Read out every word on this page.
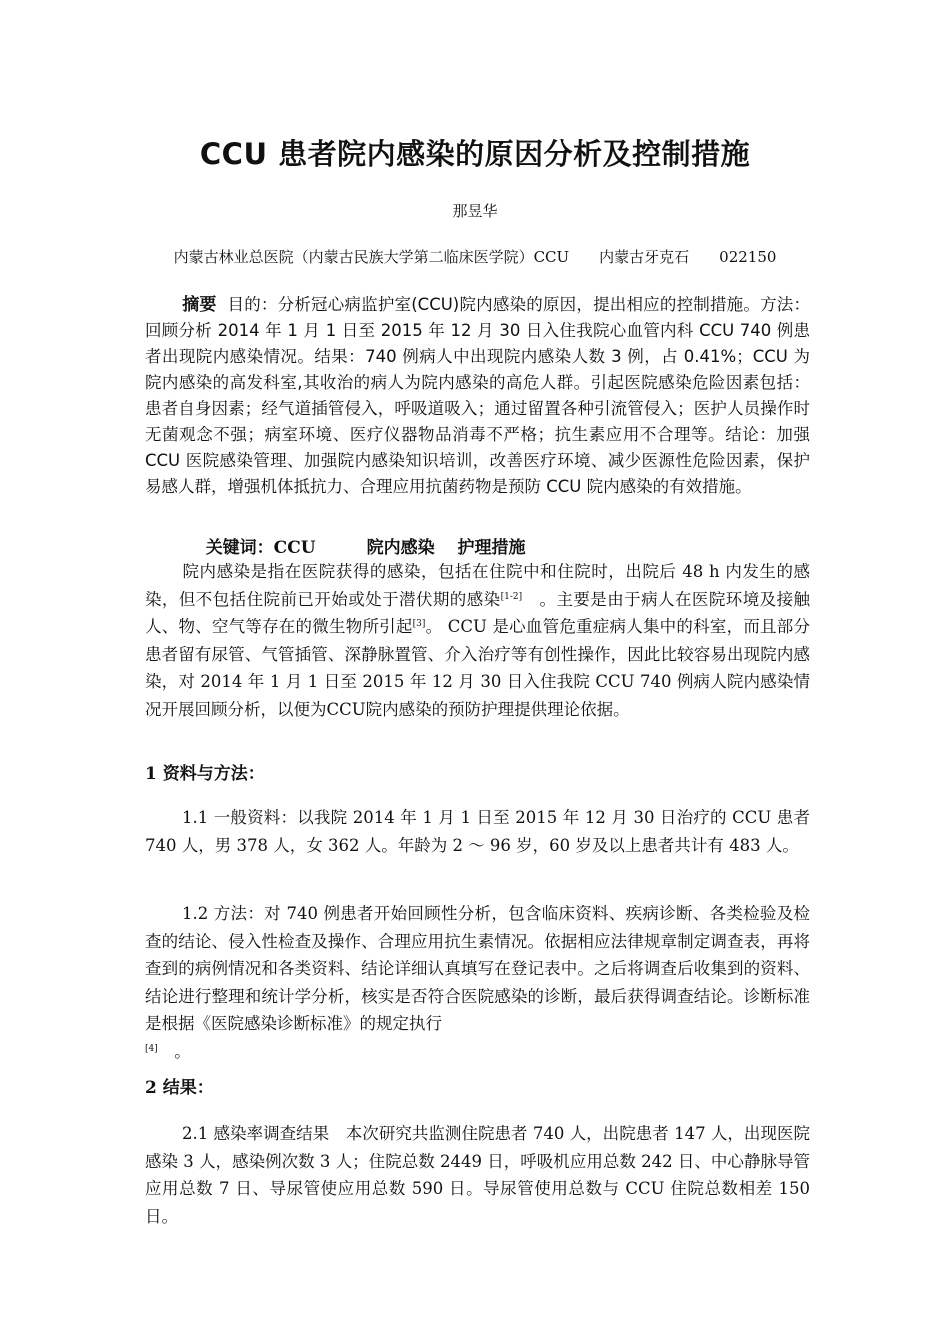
CCU 患者院内感染的原因分析及控制措施
那昱华
内蒙古林业总医院（内蒙古民族大学第二临床医学院）CCU　　内蒙古牙克石　　022150
摘要 目的：分析冠心病监护室(CCU)院内感染的原因，提出相应的控制措施。方法：回顾分析 2014 年 1 月 1 日至 2015 年 12 月 30 日入住我院心血管内科 CCU 740 例患者出现院内感染情况。结果：740 例病人中出现院内感染人数 3 例，占 0.41%；CCU 为院内感染的高发科室,其收治的病人为院内感染的高危人群。引起医院感染危险因素包括：患者自身因素；经气道插管侵入，呼吸道吸入；通过留置各种引流管侵入；医护人员操作时无菌观念不强；病室环境、医疗仪器物品消毒不严格；抗生素应用不合理等。结论：加强 CCU 医院感染管理、加强院内感染知识培训，改善医疗环境、减少医源性危险因素，保护易感人群，增强机体抵抗力、合理应用抗菌药物是预防 CCU 院内感染的有效措施。

关键词：CCU　　　院内感染　 护理措施

院内感染是指在医院获得的感染，包括在住院中和住院时，出院后 48 h 内发生的感染，但不包括住院前已开始或处于潜伏期的感染[1-2]　。主要是由于病人在医院环境及接触人、物、空气等存在的微生物所引起[3]。 CCU 是心血管危重症病人集中的科室，而且部分患者留有尿管、气管插管、深静脉置管、介入治疗等有创性操作，因此比较容易出现院内感染，对 2014 年 1 月 1 日至 2015 年 12 月 30 日入住我院 CCU 740 例病人院内感染情况开展回顾分析，以便为CCU院内感染的预防护理提供理论依据。
1 资料与方法：
1.1 一般资料：以我院 2014 年 1 月 1 日至 2015 年 12 月 30 日治疗的 CCU 患者 740 人，男 378 人，女 362 人。年龄为 2 ～ 96 岁，60 岁及以上患者共计有 483 人。
1.2 方法：对 740 例患者开始回顾性分析，包含临床资料、疾病诊断、各类检验及检查的结论、侵入性检查及操作、合理应用抗生素情况。依据相应法律规章制定调查表，再将查到的病例情况和各类资料、结论详细认真填写在登记表中。之后将调查后收集到的资料、结论进行整理和统计学分析，核实是否符合医院感染的诊断，最后获得调查结论。诊断标准是根据《医院感染诊断标准》的规定执行
[4]　。
2 结果：
2.1 感染率调查结果　本次研究共监测住院患者 740 人，出院患者 147 人，出现医院感染 3 人，感染例次数 3 人；住院总数 2449 日，呼吸机应用总数 242 日、中心静脉导管应用总数 7 日、导尿管使应用总数 590 日。导尿管使用总数与 CCU 住院总数相差 150 日。
